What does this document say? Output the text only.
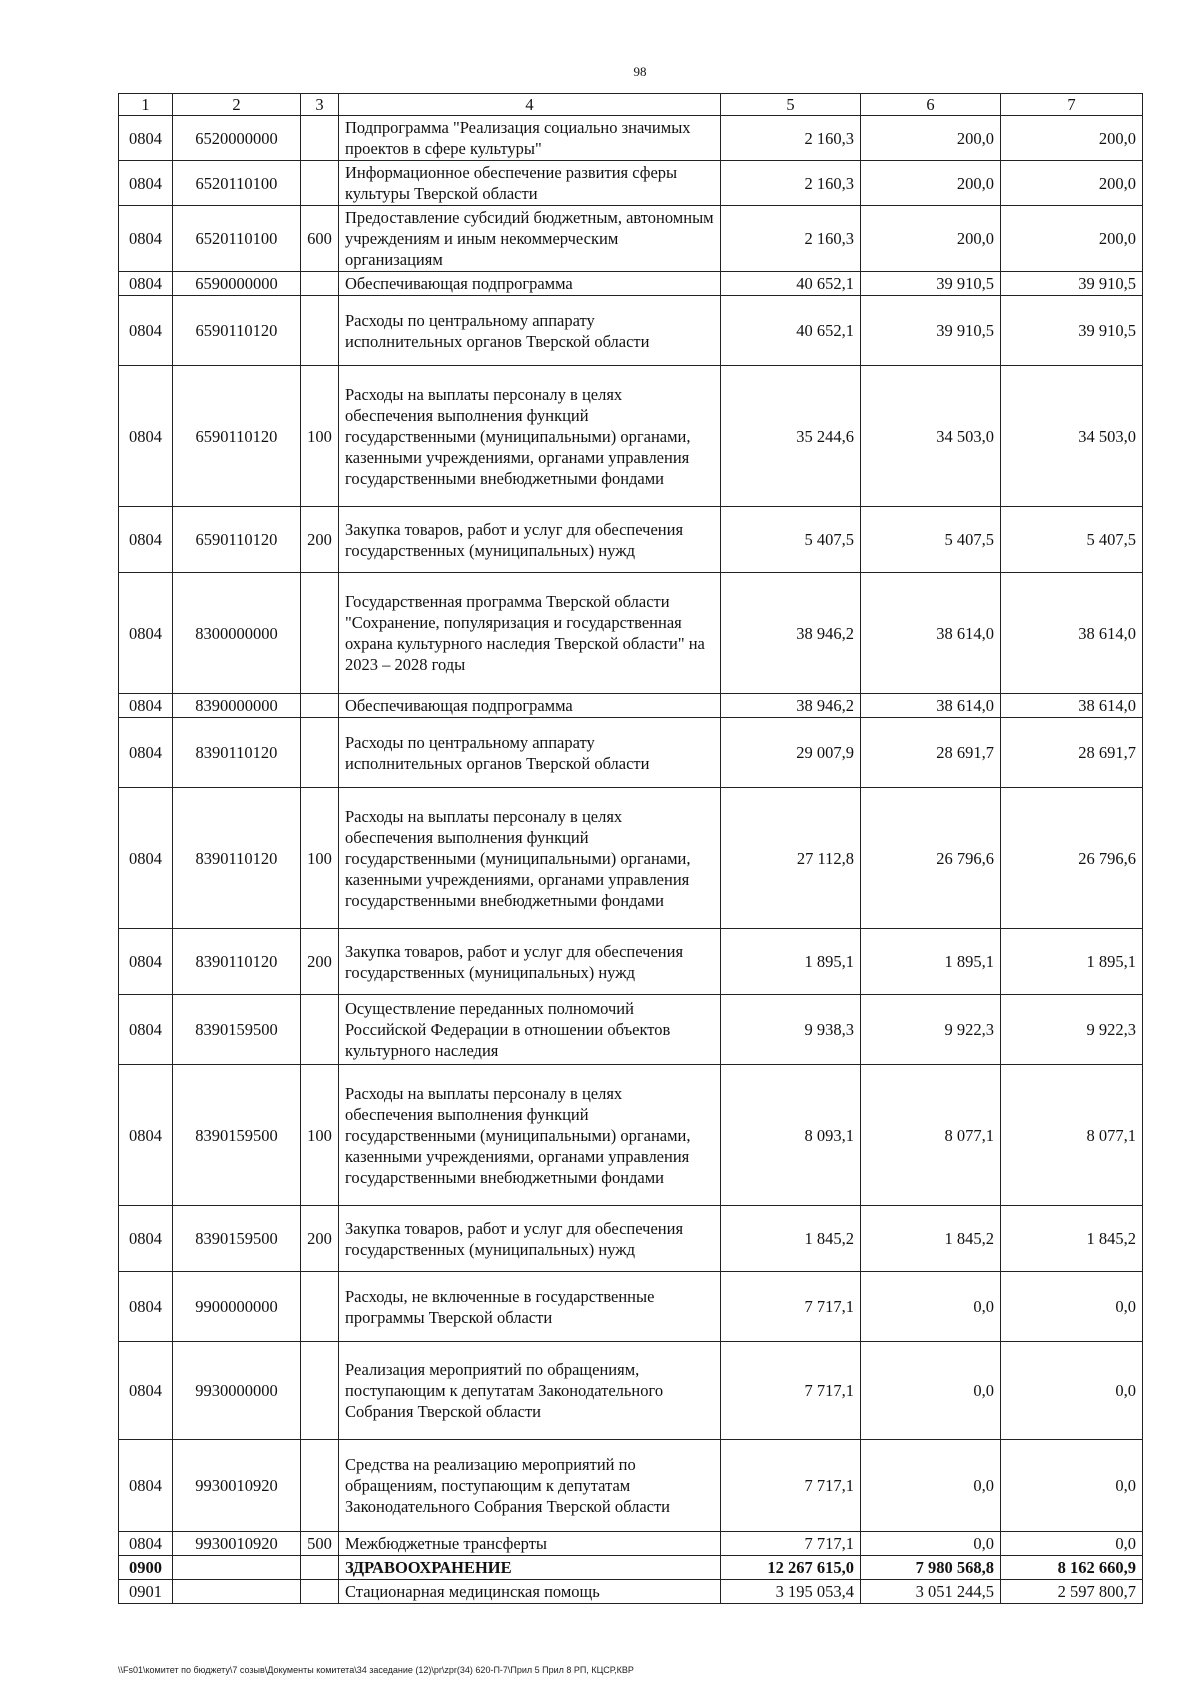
98
1	2	3	4	5	6	7
0804	6520000000		Подпрограмма "Реализация социально значимых проектов в сфере культуры"	2 160,3	200,0	200,0
0804	6520110100		Информационное обеспечение развития сферы культуры Тверской области	2 160,3	200,0	200,0
0804	6520110100	600	Предоставление субсидий бюджетным, автономным учреждениям и иным некоммерческим организациям	2 160,3	200,0	200,0
0804	6590000000		Обеспечивающая подпрограмма	40 652,1	39 910,5	39 910,5
0804	6590110120		Расходы по центральному аппарату исполнительных органов Тверской области	40 652,1	39 910,5	39 910,5
0804	6590110120	100	Расходы на выплаты персоналу в целях обеспечения выполнения функций государственными (муниципальными) органами, казенными учреждениями, органами управления государственными внебюджетными фондами	35 244,6	34 503,0	34 503,0
0804	6590110120	200	Закупка товаров, работ и услуг для обеспечения государственных (муниципальных) нужд	5 407,5	5 407,5	5 407,5
0804	8300000000		Государственная программа Тверской области "Сохранение, популяризация и государственная охрана культурного наследия Тверской области" на 2023 – 2028 годы	38 946,2	38 614,0	38 614,0
0804	8390000000		Обеспечивающая подпрограмма	38 946,2	38 614,0	38 614,0
0804	8390110120		Расходы по центральному аппарату исполнительных органов Тверской области	29 007,9	28 691,7	28 691,7
0804	8390110120	100	Расходы на выплаты персоналу в целях обеспечения выполнения функций государственными (муниципальными) органами, казенными учреждениями, органами управления государственными внебюджетными фондами	27 112,8	26 796,6	26 796,6
0804	8390110120	200	Закупка товаров, работ и услуг для обеспечения государственных (муниципальных) нужд	1 895,1	1 895,1	1 895,1
0804	8390159500		Осуществление переданных полномочий Российской Федерации в отношении объектов культурного наследия	9 938,3	9 922,3	9 922,3
0804	8390159500	100	Расходы на выплаты персоналу в целях обеспечения выполнения функций государственными (муниципальными) органами, казенными учреждениями, органами управления государственными внебюджетными фондами	8 093,1	8 077,1	8 077,1
0804	8390159500	200	Закупка товаров, работ и услуг для обеспечения государственных (муниципальных) нужд	1 845,2	1 845,2	1 845,2
0804	9900000000		Расходы, не включенные в государственные программы Тверской области	7 717,1	0,0	0,0
0804	9930000000		Реализация мероприятий по обращениям, поступающим к депутатам Законодательного Собрания Тверской области	7 717,1	0,0	0,0
0804	9930010920		Средства на реализацию мероприятий по обращениям, поступающим к депутатам Законодательного Собрания Тверской области	7 717,1	0,0	0,0
0804	9930010920	500	Межбюджетные трансферты	7 717,1	0,0	0,0
0900			ЗДРАВООХРАНЕНИЕ	12 267 615,0	7 980 568,8	8 162 660,9
0901			Стационарная медицинская помощь	3 195 053,4	3 051 244,5	2 597 800,7
\\Fs01\комитет по бюджету\7 созыв\Документы комитета\34 заседание (12)\pr\zpr(34) 620-П-7\Прил 5 Прил 8 РП, КЦСР,КВР
